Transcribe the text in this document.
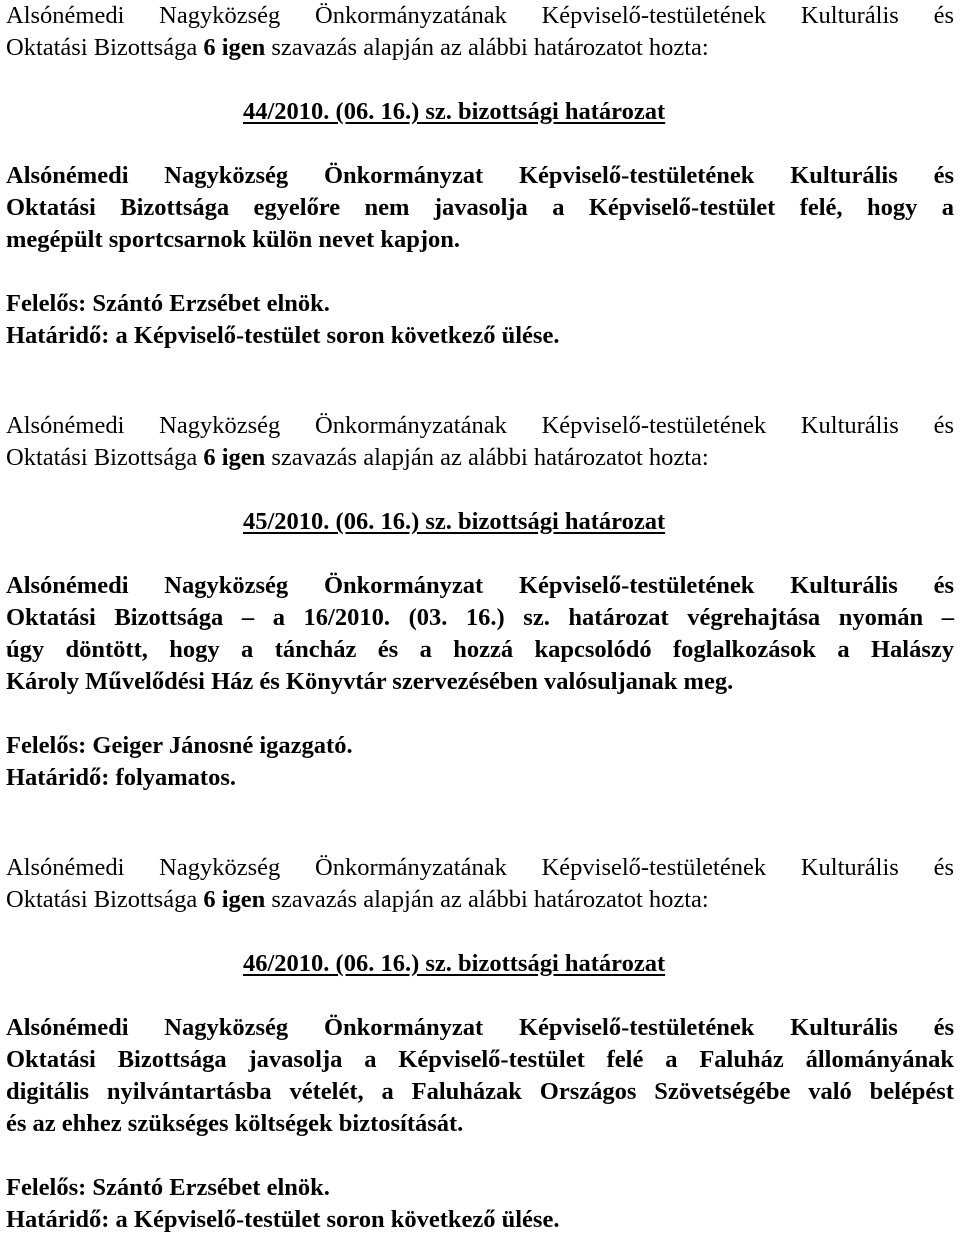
Alsónémedi Nagyközség Önkormányzatának Képviselő-testületének Kulturális és
Oktatási Bizottsága 6 igen szavazás alapján az alábbi határozatot hozta:
44/2010. (06. 16.) sz. bizottsági határozat
Alsónémedi Nagyközség Önkormányzat Képviselő-testületének Kulturális és
Oktatási Bizottsága egyelőre nem javasolja a Képviselő-testület felé, hogy a
megépült sportcsarnok külön nevet kapjon.
Felelős: Szántó Erzsébet elnök.
Határidő: a Képviselő-testület soron következő ülése.
Alsónémedi Nagyközség Önkormányzatának Képviselő-testületének Kulturális és
Oktatási Bizottsága 6 igen szavazás alapján az alábbi határozatot hozta:
45/2010. (06. 16.) sz. bizottsági határozat
Alsónémedi Nagyközség Önkormányzat Képviselő-testületének Kulturális és
Oktatási Bizottsága – a 16/2010. (03. 16.) sz. határozat végrehajtása nyomán –
úgy döntött, hogy a táncház és a hozzá kapcsolódó foglalkozások a Halászy
Károly Művelődési Ház és Könyvtár szervezésében valósuljanak meg.
Felelős: Geiger Jánosné igazgató.
Határidő: folyamatos.
Alsónémedi Nagyközség Önkormányzatának Képviselő-testületének Kulturális és
Oktatási Bizottsága 6 igen szavazás alapján az alábbi határozatot hozta:
46/2010. (06. 16.) sz. bizottsági határozat
Alsónémedi Nagyközség Önkormányzat Képviselő-testületének Kulturális és
Oktatási Bizottsága javasolja a Képviselő-testület felé a Faluház állományának
digitális nyilvántartásba vételét, a Faluházak Országos Szövetségébe való belépést
és az ehhez szükséges költségek biztosítását.
Felelős: Szántó Erzsébet elnök.
Határidő: a Képviselő-testület soron következő ülése.
